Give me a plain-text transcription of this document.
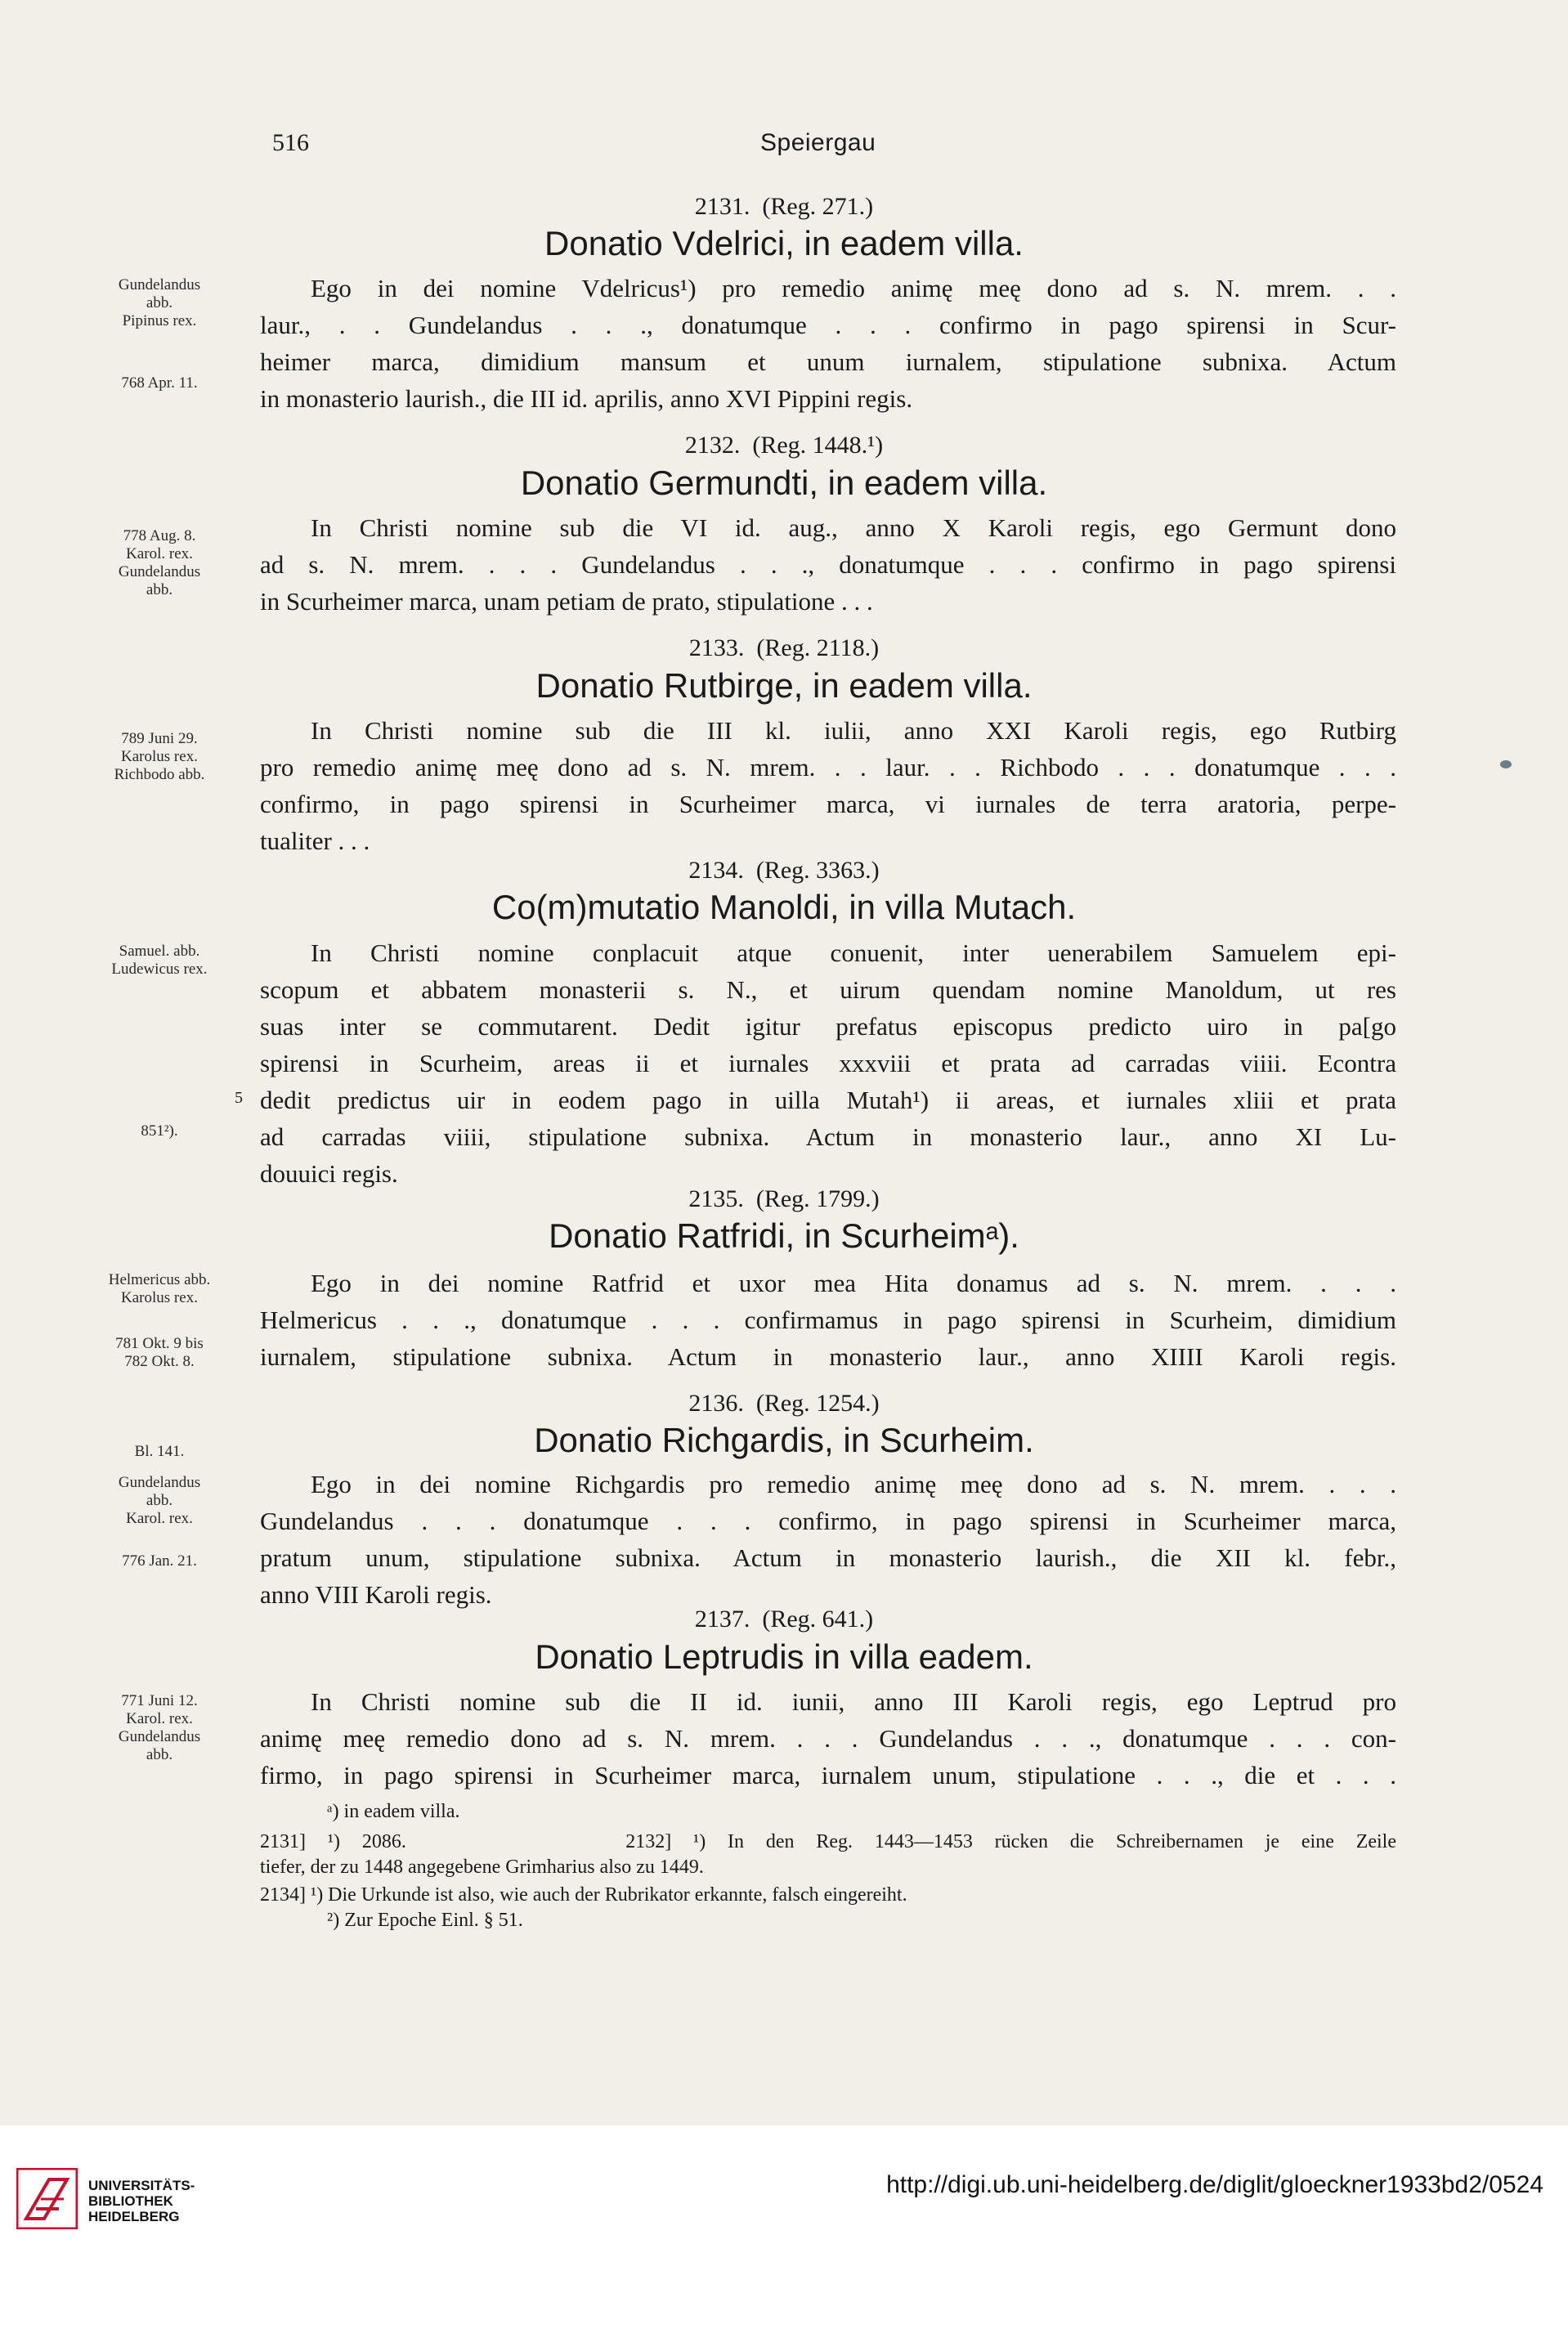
516	Speiergau
2131. (Reg. 271.)
Donatio Vdelrici, in eadem villa.
Gundelandus
abb.
Pipinus rex.
768 Apr. 11.
Ego in dei nomine Vdelricus¹) pro remedio animę meę dono ad s. N. mrem. . .
laur., . . Gundelandus . . ., donatumque . . . confirmo in pago spirensi in Scur-
heimer marca, dimidium mansum et unum iurnalem, stipulatione subnixa. Actum
in monasterio laurish., die III id. aprilis, anno XVI Pippini regis.
2132. (Reg. 1448.¹)
Donatio Germundti, in eadem villa.
778 Aug. 8.
Karol. rex.
Gundelandus
abb.
In Christi nomine sub die VI id. aug., anno X Karoli regis, ego Germunt dono
ad s. N. mrem. . . . Gundelandus . . ., donatumque . . . confirmo in pago spirensi
in Scurheimer marca, unam petiam de prato, stipulatione . . .
2133. (Reg. 2118.)
Donatio Rutbirge, in eadem villa.
789 Juni 29.
Karolus rex.
Richbodo abb.
In Christi nomine sub die III kl. iulii, anno XXI Karoli regis, ego Rutbirg
pro remedio animę meę dono ad s. N. mrem. . . laur. . . Richbodo . . . donatumque . . .
confirmo, in pago spirensi in Scurheimer marca, vi iurnales de terra aratoria, perpe-
tualiter . . .
2134. (Reg. 3363.)
Co(m)mutatio Manoldi, in villa Mutach.
Samuel. abb.
Ludewicus rex.
851²).
5
In Christi nomine conplacuit atque conuenit, inter uenerabilem Samuelem epi-
scopum et abbatem monasterii s. N., et uirum quendam nomine Manoldum, ut res
suas inter se commutarent. Dedit igitur prefatus episcopus predicto uiro in pa[go
spirensi in Scurheim, areas ii et iurnales xxxviii et prata ad carradas viiii. Econtra
dedit predictus uir in eodem pago in uilla Mutah¹) ii areas, et iurnales xliii et prata
ad carradas viiii, stipulatione subnixa. Actum in monasterio laur., anno XI Lu-
douuici regis.
2135. (Reg. 1799.)
Donatio Ratfridi, in Scurheimᵃ).
Helmericus abb.
Karolus rex.
781 Okt. 9 bis
782 Okt. 8.
Ego in dei nomine Ratfrid et uxor mea Hita donamus ad s. N. mrem. . . .
Helmericus . . ., donatumque . . . confirmamus in pago spirensi in Scurheim, dimidium
iurnalem, stipulatione subnixa. Actum in monasterio laur., anno XIIII Karoli regis.
2136. (Reg. 1254.)
Donatio Richgardis, in Scurheim.
Bl. 141.
Gundelandus
abb.
Karol. rex.
776 Jan. 21.
Ego in dei nomine Richgardis pro remedio animę meę dono ad s. N. mrem. . . .
Gundelandus . . . donatumque . . . confirmo, in pago spirensi in Scurheimer marca,
pratum unum, stipulatione subnixa. Actum in monasterio laurish., die XII kl. febr.,
anno VIII Karoli regis.
2137. (Reg. 641.)
Donatio Leptrudis in villa eadem.
771 Juni 12.
Karol. rex.
Gundelandus
abb.
In Christi nomine sub die II id. iunii, anno III Karoli regis, ego Leptrud pro
animę meę remedio dono ad s. N. mrem. . . . Gundelandus . . ., donatumque . . . con-
firmo, in pago spirensi in Scurheimer marca, iurnalem unum, stipulatione . . ., die et . . .
ᵃ) in eadem villa.
2131] ¹) 2086.          2132] ¹) In den Reg. 1443—1453 rücken die Schreibernamen je eine Zeile
tiefer, der zu 1448 angegebene Grimharius also zu 1449.
2134] ¹) Die Urkunde ist also, wie auch der Rubrikator erkannte, falsch eingereiht.
²) Zur Epoche Einl. § 51.
UNIVERSITÄTS-
BIBLIOTHEK
HEIDELBERG
http://digi.ub.uni-heidelberg.de/diglit/gloeckner1933bd2/0524
